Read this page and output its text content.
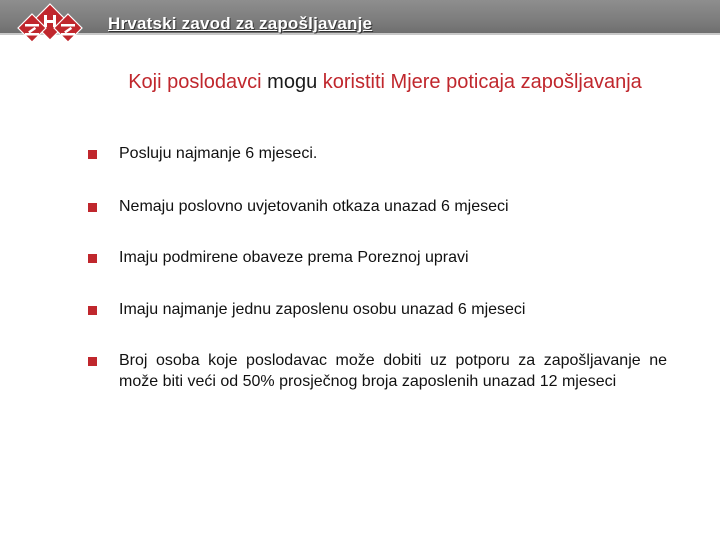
Hrvatski zavod za zapošljavanje
Koji poslodavci mogu koristiti Mjere poticaja zapošljavanja
Posluju najmanje 6 mjeseci.
Nemaju poslovno uvjetovanih otkaza unazad 6 mjeseci
Imaju podmirene obaveze prema Poreznoj upravi
Imaju najmanje jednu zaposlenu osobu unazad 6 mjeseci
Broj osoba koje poslodavac može dobiti uz potporu za zapošljavanje ne može biti veći od 50% prosječnog broja zaposlenih unazad 12 mjeseci
